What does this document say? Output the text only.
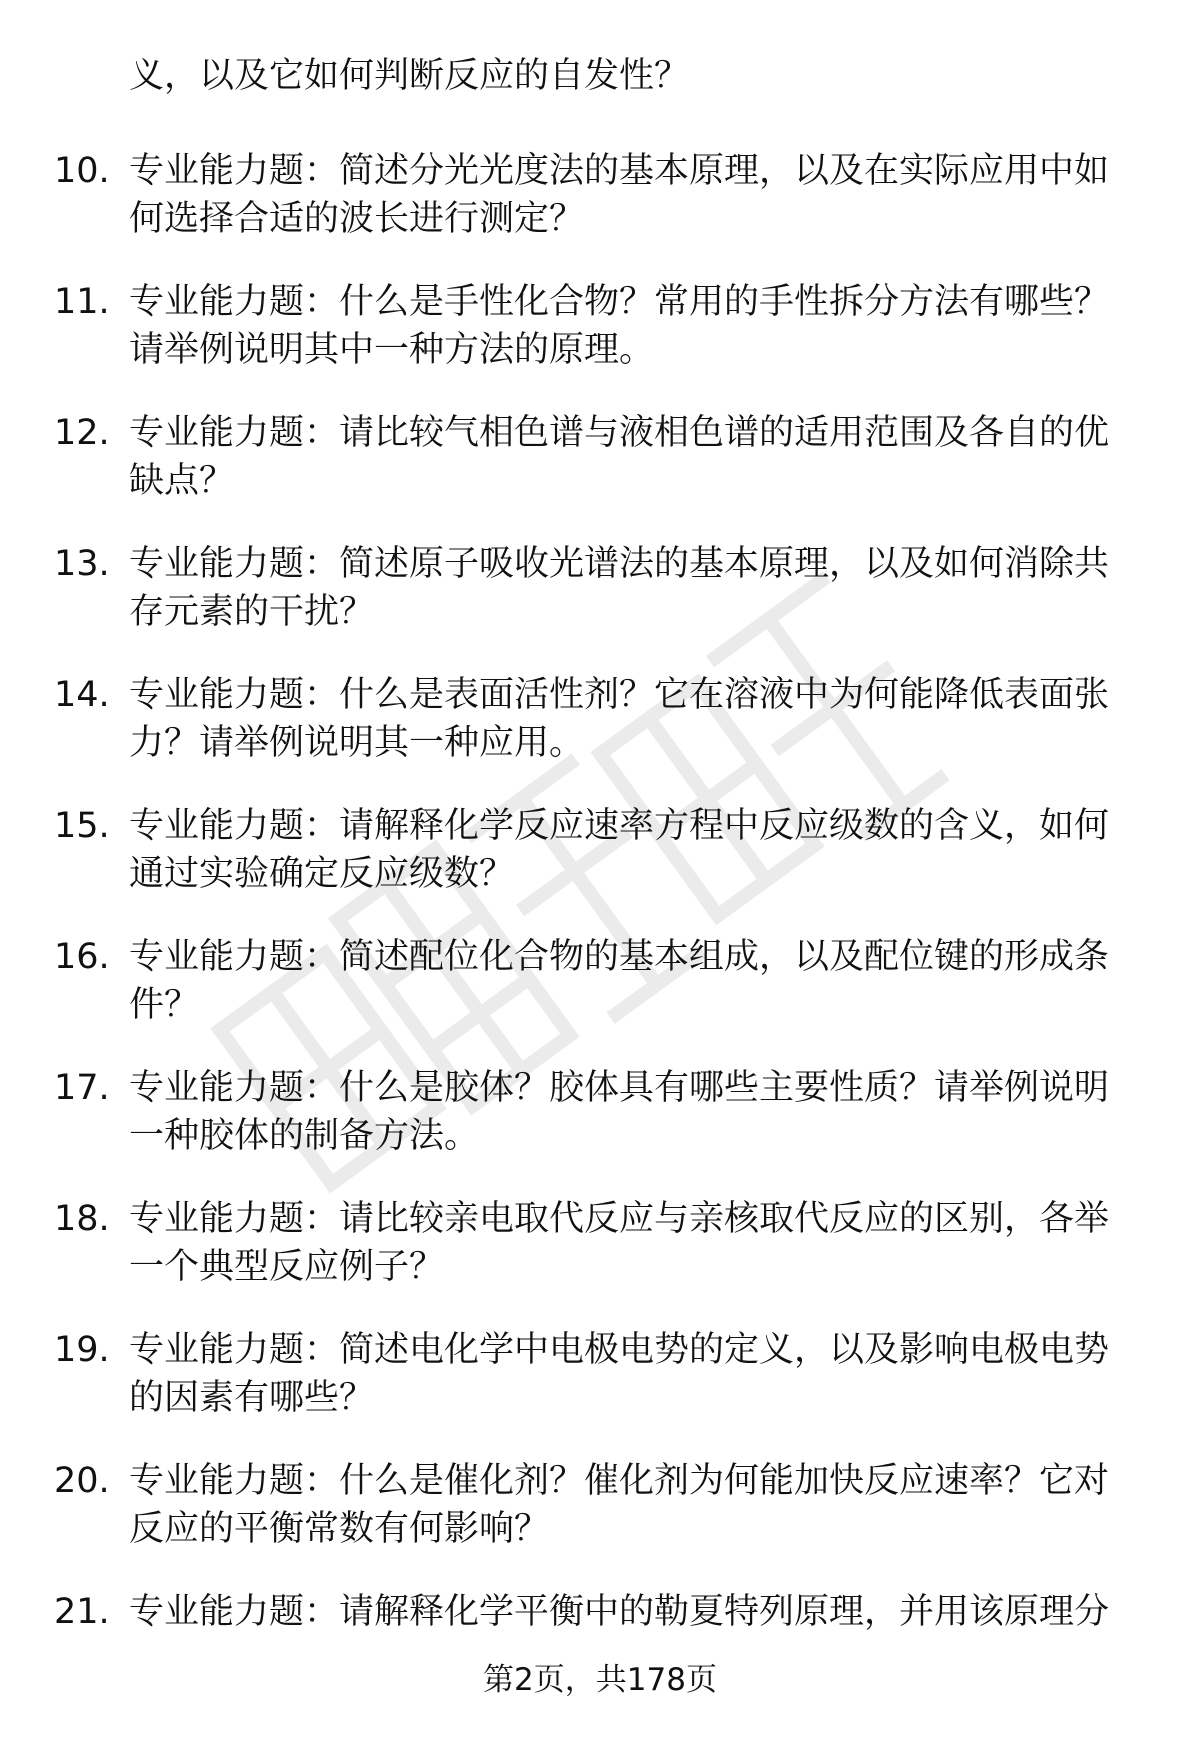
义，以及它如何判断反应的自发性？

10. 专业能力题：简述分光光度法的基本原理，以及在实际应用中如何选择合适的波长进行测定？

11. 专业能力题：什么是手性化合物？常用的手性拆分方法有哪些？请举例说明其中一种方法的原理。

12. 专业能力题：请比较气相色谱与液相色谱的适用范围及各自的优缺点？

13. 专业能力题：简述原子吸收光谱法的基本原理，以及如何消除共存元素的干扰？

14. 专业能力题：什么是表面活性剂？它在溶液中为何能降低表面张力？请举例说明其一种应用。

15. 专业能力题：请解释化学反应速率方程中反应级数的含义，如何通过实验确定反应级数？

16. 专业能力题：简述配位化合物的基本组成，以及配位键的形成条件？

17. 专业能力题：什么是胶体？胶体具有哪些主要性质？请举例说明一种胶体的制备方法。

18. 专业能力题：请比较亲电取代反应与亲核取代反应的区别，各举一个典型反应例子？

19. 专业能力题：简述电化学中电极电势的定义，以及影响电极电势的因素有哪些？

20. 专业能力题：什么是催化剂？催化剂为何能加快反应速率？它对反应的平衡常数有何影响？

21. 专业能力题：请解释化学平衡中的勒夏特列原理，并用该原理分

第2页，共178页
